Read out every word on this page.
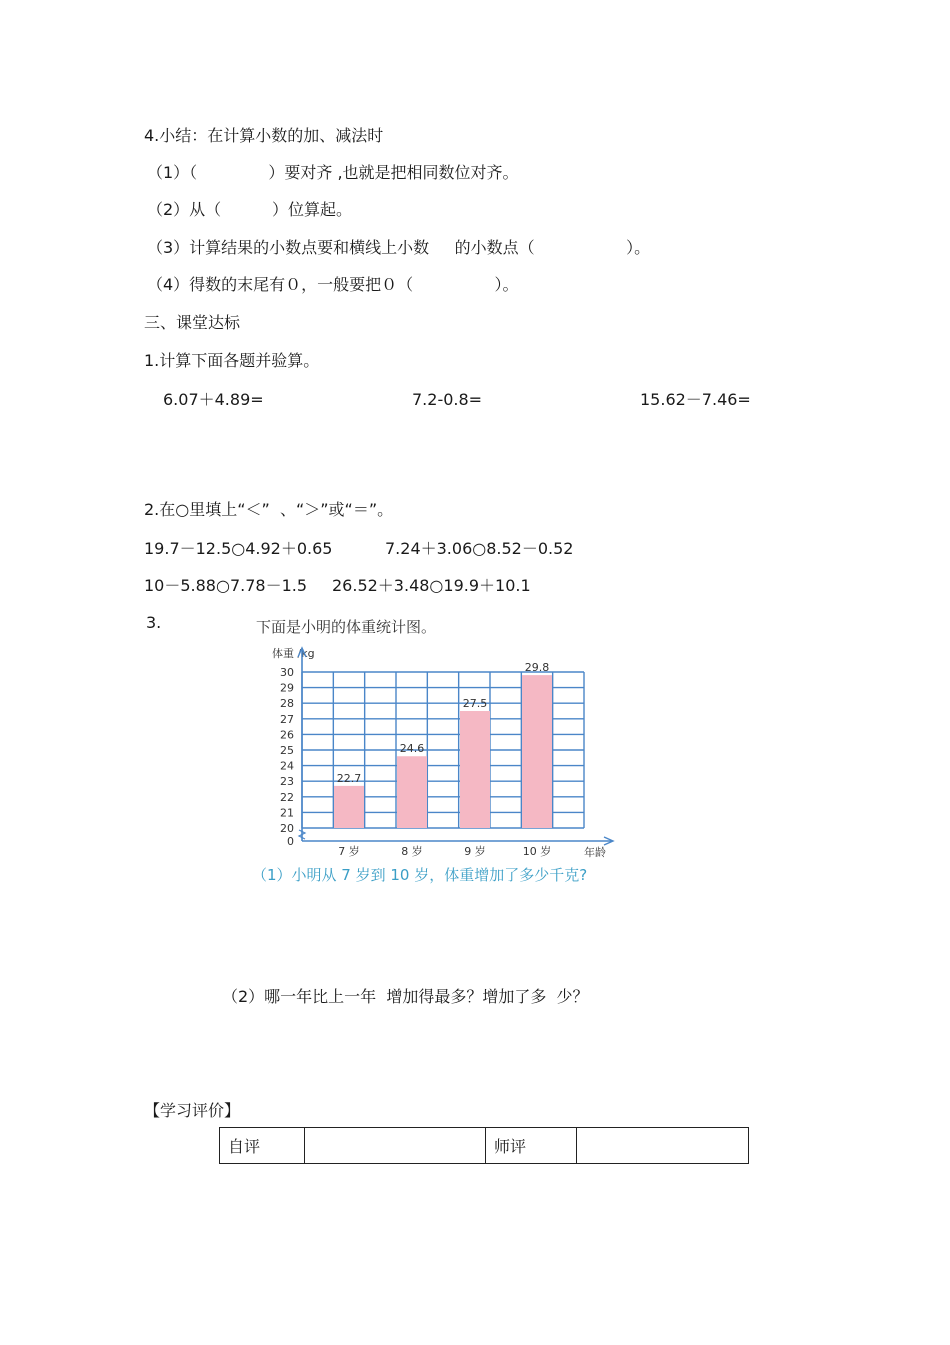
4.小结：在计算小数的加、减法时
（1）（              ）要对齐 ,也就是把相同数位对齐。
（2）从（          ）位算起。
（3）计算结果的小数点要和横线上小数     的小数点（                  ）。
（4）得数的末尾有０，一般要把０（                ）。
三、课堂达标
1.计算下面各题并验算。
6.07＋4.89=	7.2-0.8=	15.62－7.46=
2.在○里填上“＜”  、“＞”或“＝”。
19.7－12.5○4.92＋0.65	7.24＋3.06○8.52－0.52
10－5.88○7.78－1.5 26.52＋3.48○19.9＋10.1
3.	下面是小明的体重统计图。
体重 /kg
30
29
28
27
26
25
24
23
22
21
20
0
22.7
7 岁
24.6
8 岁
27.5
9 岁
29.8
10 岁	年龄
（1）小明从 7 岁到 10 岁，体重增加了多少千克?
（2）哪一年比上一年  增加得最多？增加了多  少？
【学习评价】
自评		师评	
